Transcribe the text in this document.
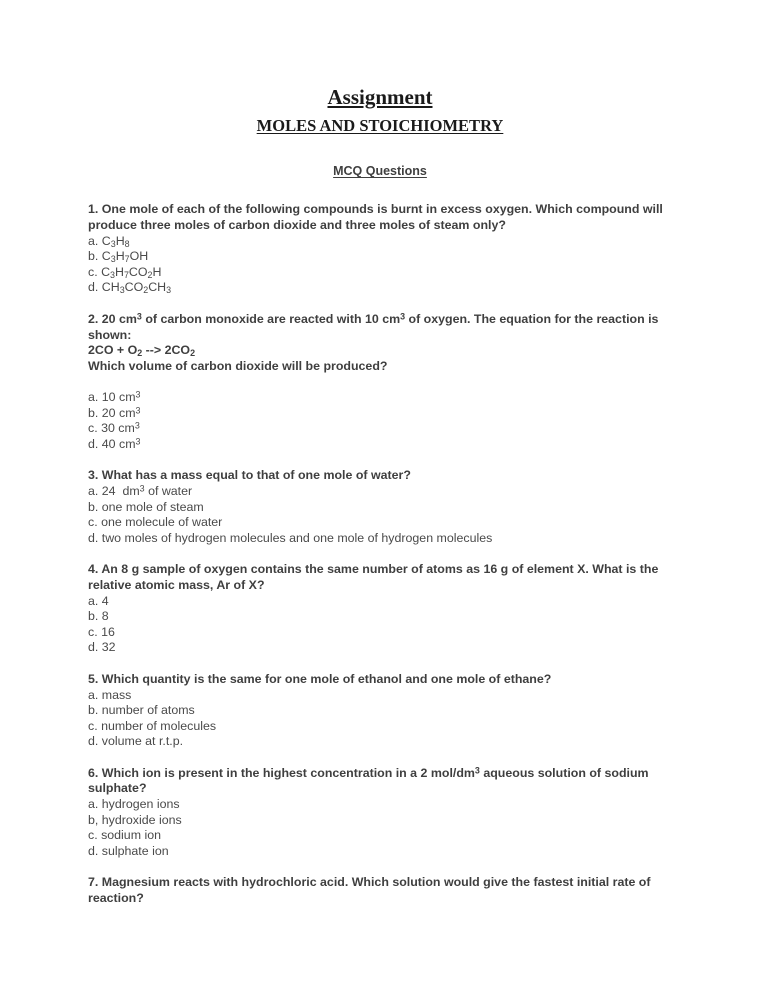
Assignment
MOLES AND STOICHIOMETRY
MCQ Questions

1. One mole of each of the following compounds is burnt in excess oxygen. Which compound will produce three moles of carbon dioxide and three moles of steam only?

a. $C_3H_8$
b. $C_3H_7OH$
c. $C_3H_7CO_2H$
d. $CH_3CO_2CH_3$

2. 20 $cm^3$ of carbon monoxide are reacted with 10 $cm^3$ of oxygen. The equation for the reaction is shown:

$2CO + O_2$ --> $2CO_2$

Which volume of carbon dioxide will be produced?

a. 10 $cm^3$
b. 20 $cm^3$
c. 30 $cm^3$
d. 40 $cm^3$

3. What has a mass equal to that of one mole of water?

a. 24  $dm^3$ of water
b. one mole of steam
c. one molecule of water
d. two moles of hydrogen molecules and one mole of hydrogen molecules

4. An 8 g sample of oxygen contains the same number of atoms as 16 g of element X. What is the relative atomic mass, Ar of X?

a. 4
b. 8
c. 16
d. 32

5. Which quantity is the same for one mole of ethanol and one mole of ethane?

a. mass
b. number of atoms
c. number of molecules
d. volume at r.t.p.

6. Which ion is present in the highest concentration in a 2 mol/$dm^3$ aqueous solution of sodium sulphate?

a. hydrogen ions
b, hydroxide ions
c. sodium ion
d. sulphate ion

7. Magnesium reacts with hydrochloric acid. Which solution would give the fastest initial rate of reaction?
